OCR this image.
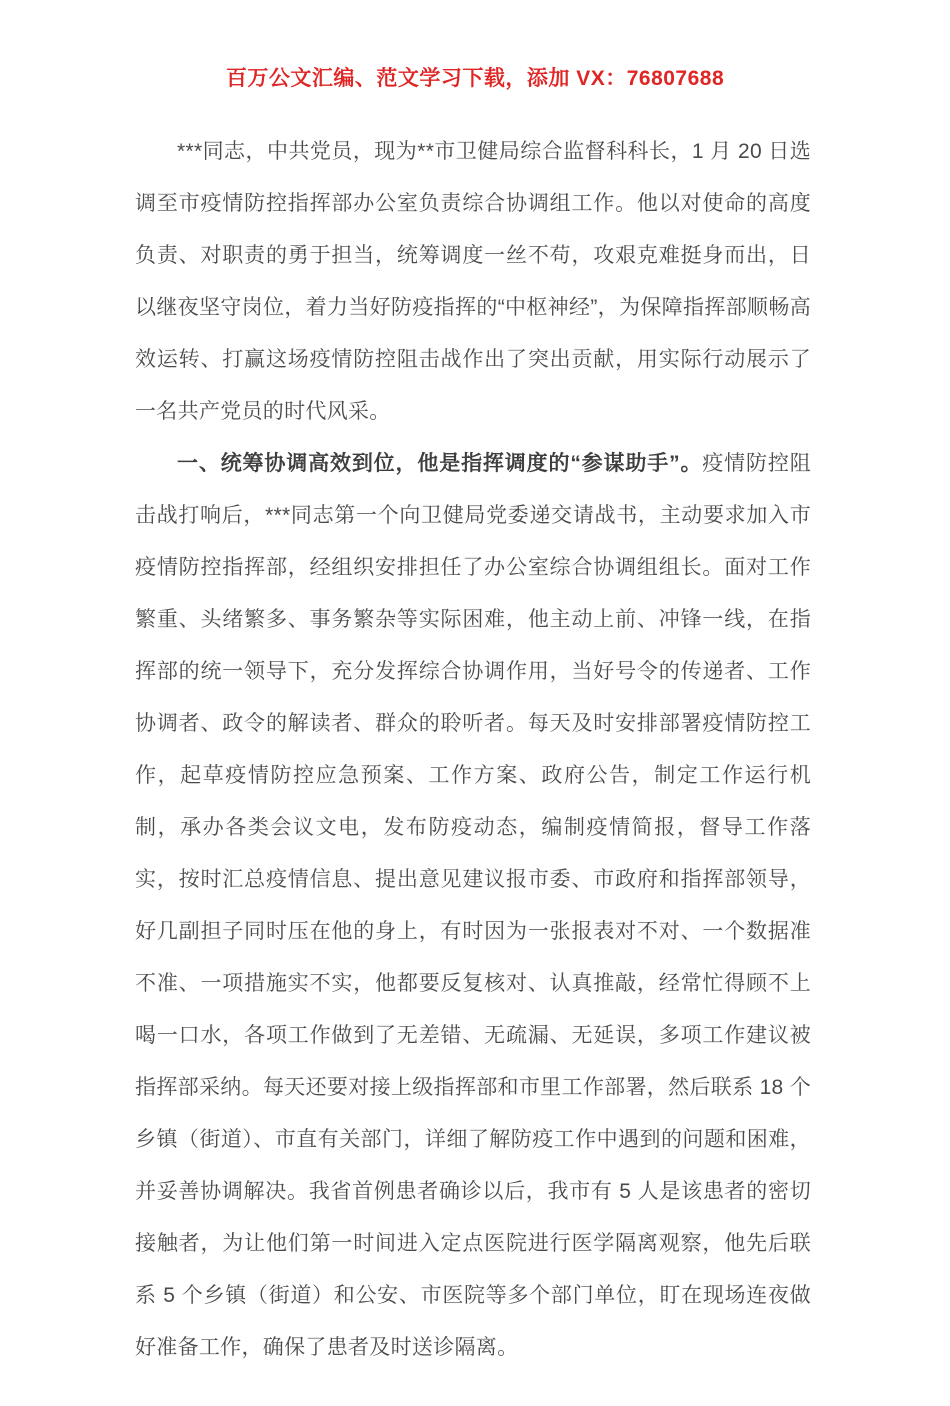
百万公文汇编、范文学习下载，添加 VX：76807688

***同志，中共党员，现为**市卫健局综合监督科科长，1 月 20 日选调至市疫情防控指挥部办公室负责综合协调组工作。他以对使命的高度负责、对职责的勇于担当，统筹调度一丝不苟，攻艰克难挺身而出，日以继夜坚守岗位，着力当好防疫指挥的“中枢神经”，为保障指挥部顺畅高效运转、打赢这场疫情防控阻击战作出了突出贡献，用实际行动展示了一名共产党员的时代风采。

一、统筹协调高效到位，他是指挥调度的“参谋助手”。疫情防控阻击战打响后，***同志第一个向卫健局党委递交请战书，主动要求加入市疫情防控指挥部，经组织安排担任了办公室综合协调组组长。面对工作繁重、头绪繁多、事务繁杂等实际困难，他主动上前、冲锋一线，在指挥部的统一领导下，充分发挥综合协调作用，当好号令的传递者、工作协调者、政令的解读者、群众的聆听者。每天及时安排部署疫情防控工作，起草疫情防控应急预案、工作方案、政府公告，制定工作运行机制，承办各类会议文电，发布防疫动态，编制疫情简报，督导工作落实，按时汇总疫情信息、提出意见建议报市委、市政府和指挥部领导，好几副担子同时压在他的身上，有时因为一张报表对不对、一个数据准不准、一项措施实不实，他都要反复核对、认真推敲，经常忙得顾不上喝一口水，各项工作做到了无差错、无疏漏、无延误，多项工作建议被指挥部采纳。每天还要对接上级指挥部和市里工作部署，然后联系 18 个乡镇（街道）、市直有关部门，详细了解防疫工作中遇到的问题和困难，并妥善协调解决。我省首例患者确诊以后，我市有 5 人是该患者的密切接触者，为让他们第一时间进入定点医院进行医学隔离观察，他先后联系 5 个乡镇（街道）和公安、市医院等多个部门单位，盯在现场连夜做好准备工作，确保了患者及时送诊隔离。
